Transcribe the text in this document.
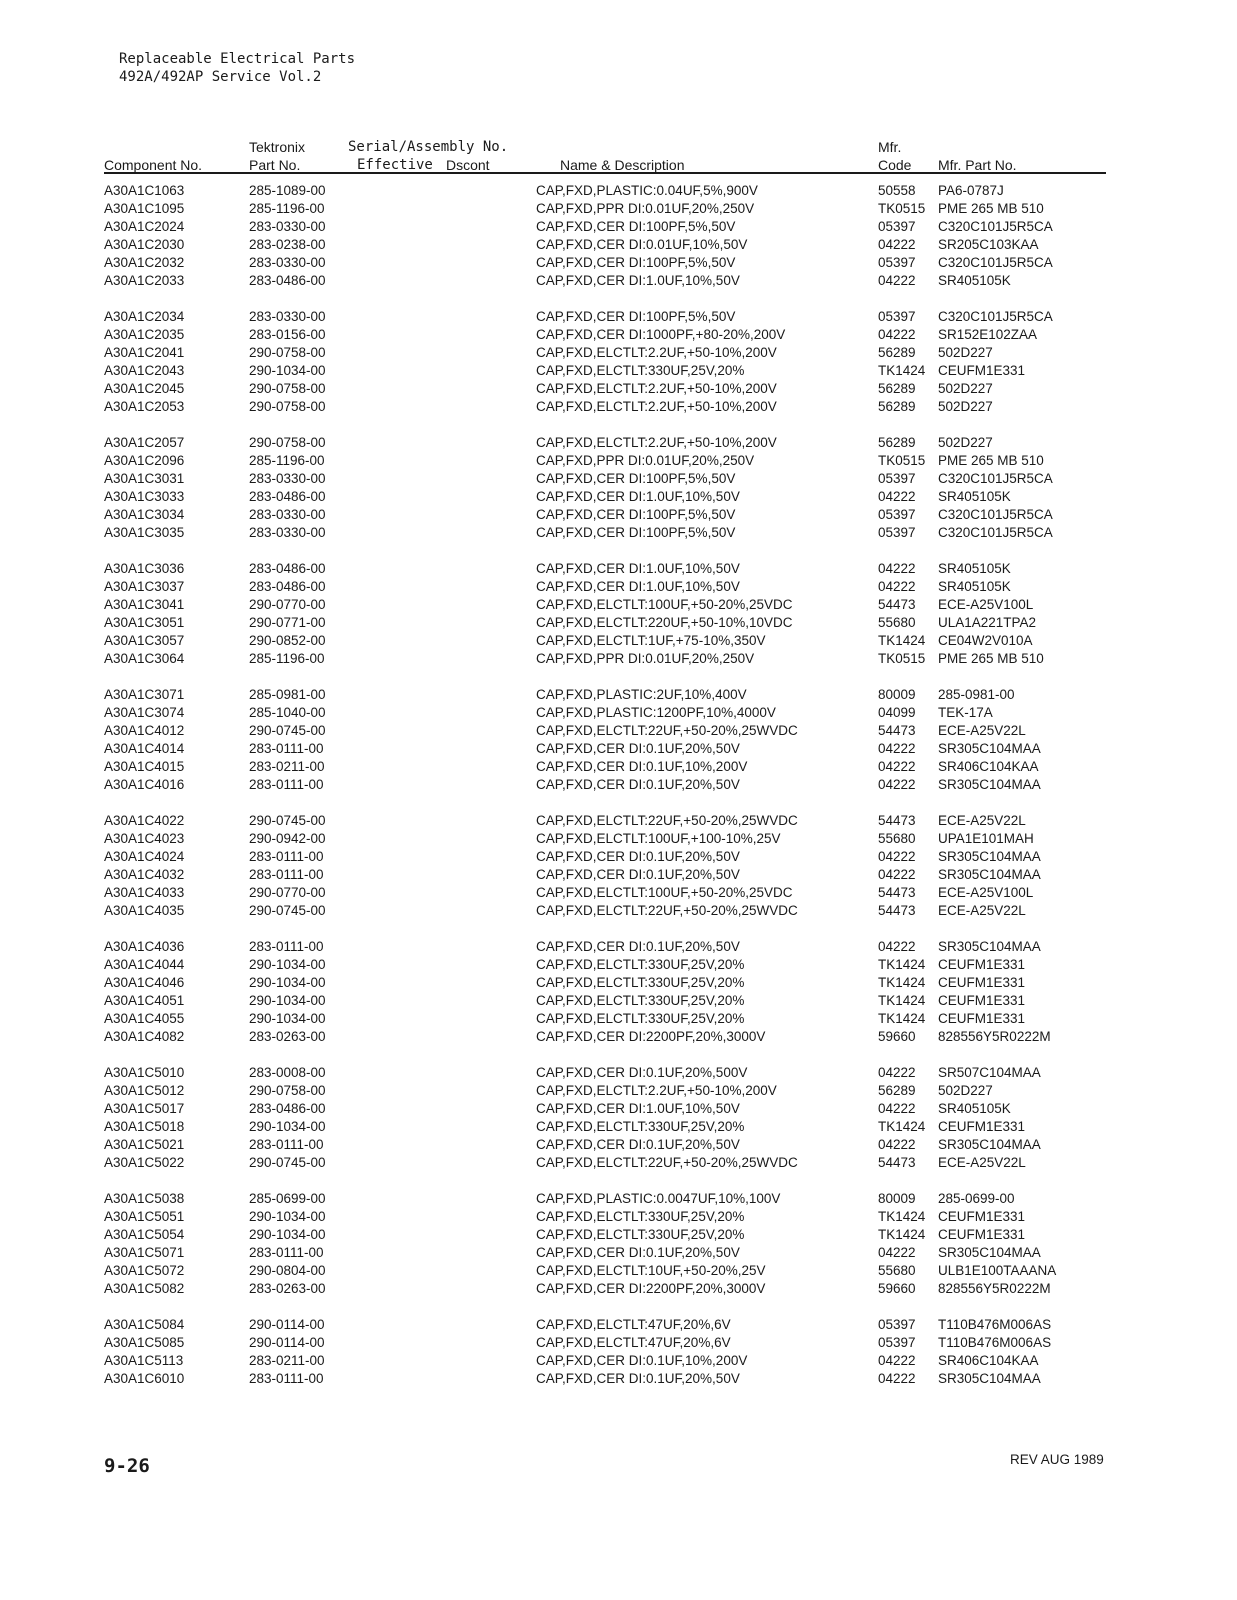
Replaceable Electrical Parts
492A/492AP Service Vol.2
Tektronix	Serial/Assembly No.	Mfr.
Component No.	Part No.	Effective Dscont	Name & Description	Code Mfr. Part No.
A30A1C1063	285-1089-00	CAP,FXD,PLASTIC:0.04UF,5%,900V	50558 PA6-0787J
A30A1C1095	285-1196-00	CAP,FXD,PPR DI:0.01UF,20%,250V	TK0515 PME 265 MB 510
A30A1C2024	283-0330-00	CAP,FXD,CER DI:100PF,5%,50V	05397 C320C101J5R5CA
A30A1C2030	283-0238-00	CAP,FXD,CER DI:0.01UF,10%,50V	04222 SR205C103KAA
A30A1C2032	283-0330-00	CAP,FXD,CER DI:100PF,5%,50V	05397 C320C101J5R5CA
A30A1C2033	283-0486-00	CAP,FXD,CER DI:1.0UF,10%,50V	04222 SR405105K
A30A1C2034	283-0330-00	CAP,FXD,CER DI:100PF,5%,50V	05397 C320C101J5R5CA
A30A1C2035	283-0156-00	CAP,FXD,CER DI:1000PF,+80-20%,200V	04222 SR152E102ZAA
A30A1C2041	290-0758-00	CAP,FXD,ELCTLT:2.2UF,+50-10%,200V	56289 502D227
A30A1C2043	290-1034-00	CAP,FXD,ELCTLT:330UF,25V,20%	TK1424 CEUFM1E331
A30A1C2045	290-0758-00	CAP,FXD,ELCTLT:2.2UF,+50-10%,200V	56289 502D227
A30A1C2053	290-0758-00	CAP,FXD,ELCTLT:2.2UF,+50-10%,200V	56289 502D227
A30A1C2057	290-0758-00	CAP,FXD,ELCTLT:2.2UF,+50-10%,200V	56289 502D227
A30A1C2096	285-1196-00	CAP,FXD,PPR DI:0.01UF,20%,250V	TK0515 PME 265 MB 510
A30A1C3031	283-0330-00	CAP,FXD,CER DI:100PF,5%,50V	05397 C320C101J5R5CA
A30A1C3033	283-0486-00	CAP,FXD,CER DI:1.0UF,10%,50V	04222 SR405105K
A30A1C3034	283-0330-00	CAP,FXD,CER DI:100PF,5%,50V	05397 C320C101J5R5CA
A30A1C3035	283-0330-00	CAP,FXD,CER DI:100PF,5%,50V	05397 C320C101J5R5CA
A30A1C3036	283-0486-00	CAP,FXD,CER DI:1.0UF,10%,50V	04222 SR405105K
A30A1C3037	283-0486-00	CAP,FXD,CER DI:1.0UF,10%,50V	04222 SR405105K
A30A1C3041	290-0770-00	CAP,FXD,ELCTLT:100UF,+50-20%,25VDC	54473 ECE-A25V100L
A30A1C3051	290-0771-00	CAP,FXD,ELCTLT:220UF,+50-10%,10VDC	55680 ULA1A221TPA2
A30A1C3057	290-0852-00	CAP,FXD,ELCTLT:1UF,+75-10%,350V	TK1424 CE04W2V010A
A30A1C3064	285-1196-00	CAP,FXD,PPR DI:0.01UF,20%,250V	TK0515 PME 265 MB 510
A30A1C3071	285-0981-00	CAP,FXD,PLASTIC:2UF,10%,400V	80009 285-0981-00
A30A1C3074	285-1040-00	CAP,FXD,PLASTIC:1200PF,10%,4000V	04099 TEK-17A
A30A1C4012	290-0745-00	CAP,FXD,ELCTLT:22UF,+50-20%,25WVDC	54473 ECE-A25V22L
A30A1C4014	283-0111-00	CAP,FXD,CER DI:0.1UF,20%,50V	04222 SR305C104MAA
A30A1C4015	283-0211-00	CAP,FXD,CER DI:0.1UF,10%,200V	04222 SR406C104KAA
A30A1C4016	283-0111-00	CAP,FXD,CER DI:0.1UF,20%,50V	04222 SR305C104MAA
A30A1C4022	290-0745-00	CAP,FXD,ELCTLT:22UF,+50-20%,25WVDC	54473 ECE-A25V22L
A30A1C4023	290-0942-00	CAP,FXD,ELCTLT:100UF,+100-10%,25V	55680 UPA1E101MAH
A30A1C4024	283-0111-00	CAP,FXD,CER DI:0.1UF,20%,50V	04222 SR305C104MAA
A30A1C4032	283-0111-00	CAP,FXD,CER DI:0.1UF,20%,50V	04222 SR305C104MAA
A30A1C4033	290-0770-00	CAP,FXD,ELCTLT:100UF,+50-20%,25VDC	54473 ECE-A25V100L
A30A1C4035	290-0745-00	CAP,FXD,ELCTLT:22UF,+50-20%,25WVDC	54473 ECE-A25V22L
A30A1C4036	283-0111-00	CAP,FXD,CER DI:0.1UF,20%,50V	04222 SR305C104MAA
A30A1C4044	290-1034-00	CAP,FXD,ELCTLT:330UF,25V,20%	TK1424 CEUFM1E331
A30A1C4046	290-1034-00	CAP,FXD,ELCTLT:330UF,25V,20%	TK1424 CEUFM1E331
A30A1C4051	290-1034-00	CAP,FXD,ELCTLT:330UF,25V,20%	TK1424 CEUFM1E331
A30A1C4055	290-1034-00	CAP,FXD,ELCTLT:330UF,25V,20%	TK1424 CEUFM1E331
A30A1C4082	283-0263-00	CAP,FXD,CER DI:2200PF,20%,3000V	59660 828556Y5R0222M
A30A1C5010	283-0008-00	CAP,FXD,CER DI:0.1UF,20%,500V	04222 SR507C104MAA
A30A1C5012	290-0758-00	CAP,FXD,ELCTLT:2.2UF,+50-10%,200V	56289 502D227
A30A1C5017	283-0486-00	CAP,FXD,CER DI:1.0UF,10%,50V	04222 SR405105K
A30A1C5018	290-1034-00	CAP,FXD,ELCTLT:330UF,25V,20%	TK1424 CEUFM1E331
A30A1C5021	283-0111-00	CAP,FXD,CER DI:0.1UF,20%,50V	04222 SR305C104MAA
A30A1C5022	290-0745-00	CAP,FXD,ELCTLT:22UF,+50-20%,25WVDC	54473 ECE-A25V22L
A30A1C5038	285-0699-00	CAP,FXD,PLASTIC:0.0047UF,10%,100V	80009 285-0699-00
A30A1C5051	290-1034-00	CAP,FXD,ELCTLT:330UF,25V,20%	TK1424 CEUFM1E331
A30A1C5054	290-1034-00	CAP,FXD,ELCTLT:330UF,25V,20%	TK1424 CEUFM1E331
A30A1C5071	283-0111-00	CAP,FXD,CER DI:0.1UF,20%,50V	04222 SR305C104MAA
A30A1C5072	290-0804-00	CAP,FXD,ELCTLT:10UF,+50-20%,25V	55680 ULB1E100TAAANA
A30A1C5082	283-0263-00	CAP,FXD,CER DI:2200PF,20%,3000V	59660 828556Y5R0222M
A30A1C5084	290-0114-00	CAP,FXD,ELCTLT:47UF,20%,6V	05397 T110B476M006AS
A30A1C5085	290-0114-00	CAP,FXD,ELCTLT:47UF,20%,6V	05397 T110B476M006AS
A30A1C5113	283-0211-00	CAP,FXD,CER DI:0.1UF,10%,200V	04222 SR406C104KAA
A30A1C6010	283-0111-00	CAP,FXD,CER DI:0.1UF,20%,50V	04222 SR305C104MAA
9-26	REV AUG 1989
